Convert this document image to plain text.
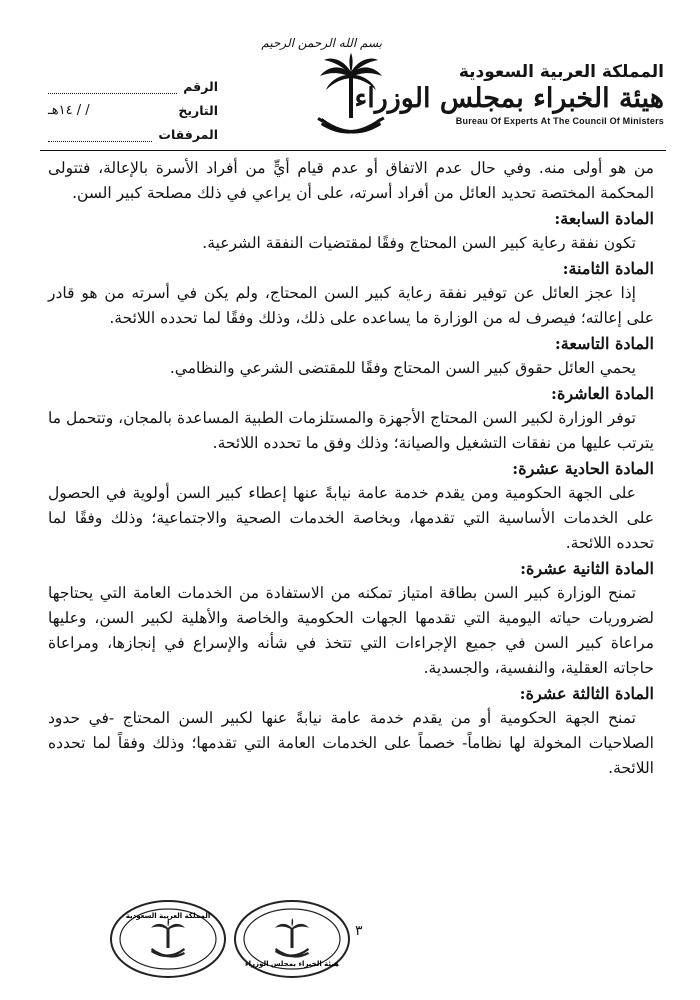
الرقم
التاريخ
/ / ١٤هـ
المرفقات
بسم الله الرحمن الرحيم
المملكة العربية السعودية
هيئة الخبراء بمجلس الوزراء
Bureau Of Experts At The Council Of Ministers

من هو أولى منه. وفي حال عدم الاتفاق أو عدم قيام أيٍّ من أفراد الأسرة بالإعالة، فتتولى المحكمة المختصة تحديد العائل من أفراد أسرته، على أن يراعي في ذلك مصلحة كبير السن.

المادة السابعة:

تكون نفقة رعاية كبير السن المحتاج وفقًا لمقتضيات النفقة الشرعية.

المادة الثامنة:

إذا عجز العائل عن توفير نفقة رعاية كبير السن المحتاج، ولم يكن في أسرته من هو قادر على إعالته؛ فيصرف له من الوزارة ما يساعده على ذلك، وذلك وفقًا لما تحدده اللائحة.

المادة التاسعة:

يحمي العائل حقوق كبير السن المحتاج وفقًا للمقتضى الشرعي والنظامي.

المادة العاشرة:

توفر الوزارة لكبير السن المحتاج الأجهزة والمستلزمات الطبية المساعدة بالمجان، وتتحمل ما يترتب عليها من نفقات التشغيل والصيانة؛ وذلك وفق ما تحدده اللائحة.

المادة الحادية عشرة:

على الجهة الحكومية ومن يقدم خدمة عامة نيابةً عنها إعطاء كبير السن أولوية في الحصول على الخدمات الأساسية التي تقدمها، وبخاصة الخدمات الصحية والاجتماعية؛ وذلك وفقًا لما تحدده اللائحة.

المادة الثانية عشرة:

تمنح الوزارة كبير السن بطاقة امتياز تمكنه من الاستفادة من الخدمات العامة التي يحتاجها لضروريات حياته اليومية التي تقدمها الجهات الحكومية والخاصة والأهلية لكبير السن، وعليها مراعاة كبير السن في جميع الإجراءات التي تتخذ في شأنه والإسراع في إنجازها، ومراعاة حاجاته العقلية، والنفسية، والجسدية.

المادة الثالثة عشرة:

تمنح الجهة الحكومية أو من يقدم خدمة عامة نيابةً عنها لكبير السن المحتاج -في حدود الصلاحيات المخولة لها نظاماً- خصماً على الخدمات العامة التي تقدمها؛ وذلك وفقاً لما تحدده اللائحة.

٣
المملكة العربية السعودية
هيئة الخبراء بمجلس الوزراء
